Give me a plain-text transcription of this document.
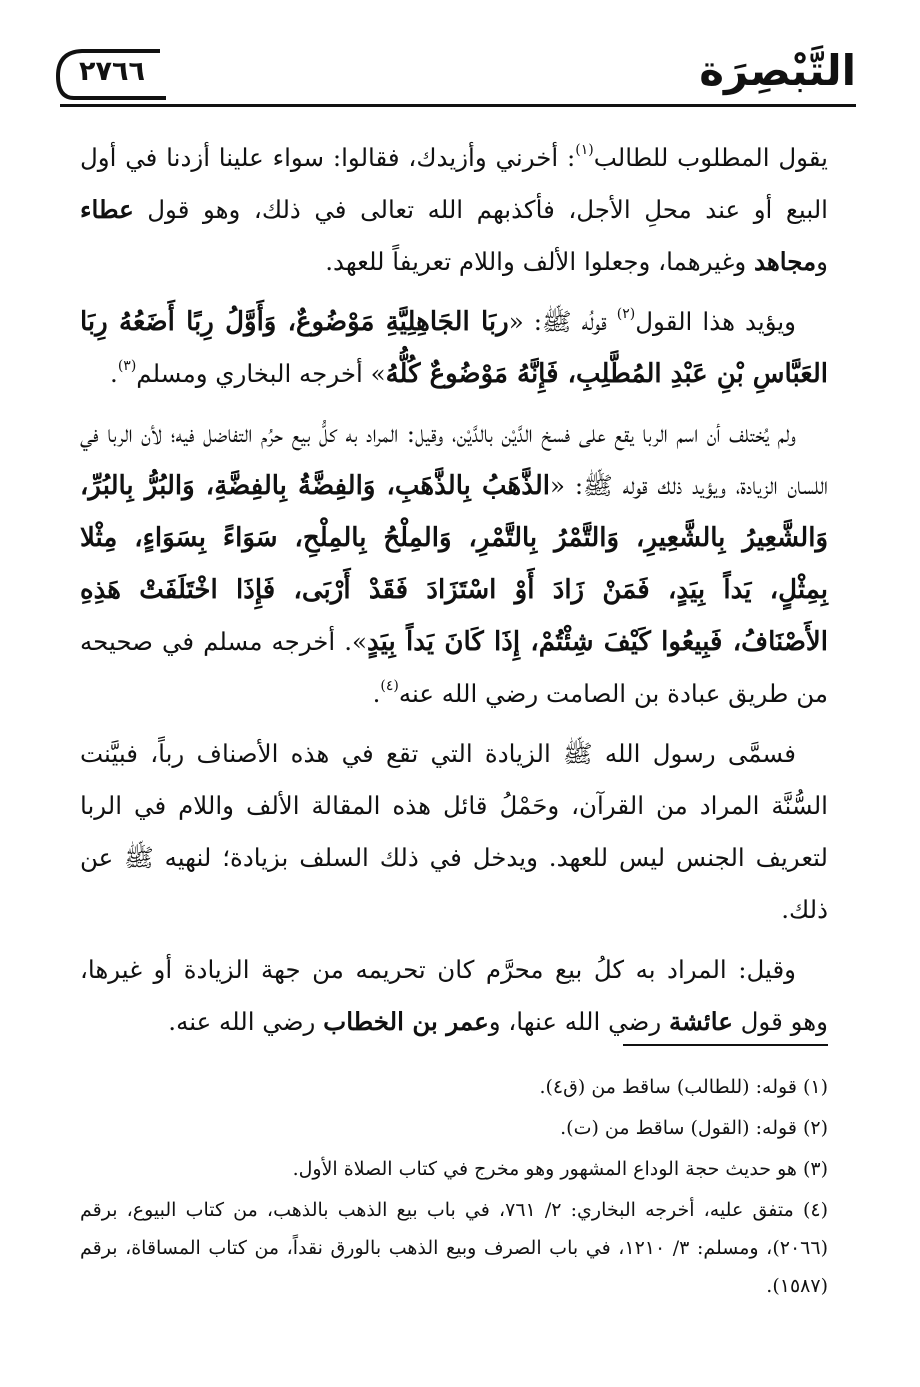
التَّبْصِرَة
٢٧٦٦

يقول المطلوب للطالب$^{(١)}$: أخرني وأزيدك، فقالوا: سواء علينا أزدنا في أول البيع أو عند محلِ الأجل، فأكذبهم الله تعالى في ذلك، وهو قول عطاء ومجاهد وغيرهما، وجعلوا الألف واللام تعريفاً للعهد.

ويؤيد هذا القول$^{(٢)}$ قولُه ﷺ: «ربَا الجَاهِلِيَّةِ مَوْضُوعٌ، وَأَوَّلُ رِبًا أَضَعُهُ رِبَا العَبَّاسِ بْنِ عَبْدِ المُطَّلِبِ، فَإِنَّهُ مَوْضُوعٌ كُلُّهُ» أخرجه البخاري ومسلم$^{(٣)}$.

ولم يُختلف أن اسم الربا يقع على فسخ الدَّيْن بالدَّيْن، وقيل: المراد به كلُّ بيع حرُم التفاضل فيه؛ لأن الربا في اللسان الزيادة، ويؤيد ذلك قوله ﷺ: «الذَّهَبُ بِالذَّهَبِ، وَالفِضَّةُ بِالفِضَّةِ، وَالبُرُّ بِالبُرِّ، وَالشَّعِيرُ بِالشَّعِيرِ، وَالتَّمْرُ بِالتَّمْرِ، وَالمِلْحُ بِالمِلْحِ، سَوَاءً بِسَوَاءٍ، مِثْلا بِمِثْلٍ، يَداً بِيَدٍ، فَمَنْ زَادَ أَوْ اسْتَزَادَ فَقَدْ أَرْبَى، فَإِذَا اخْتَلَفَتْ هَذِهِ الأَصْنَافُ، فَبِيعُوا كَيْفَ شِئْتُمْ، إِذَا كَانَ يَداً بِيَدٍ». أخرجه مسلم في صحيحه من طريق عبادة بن الصامت رضي الله عنه$^{(٤)}$.

فسمَّى رسول الله ﷺ الزيادة التي تقع في هذه الأصناف رباً، فبيَّنت السُّنَّة المراد من القرآن، وحَمْلُ قائل هذه المقالة الألف واللام في الربا لتعريف الجنس ليس للعهد. ويدخل في ذلك السلف بزيادة؛ لنهيه ﷺ عن ذلك.

وقيل: المراد به كلُ بيع محرَّم كان تحريمه من جهة الزيادة أو غيرها، وهو قول عائشة رضي الله عنها، وعمر بن الخطاب رضي الله عنه.

(١) قوله: (للطالب) ساقط من (ق٤).

(٢) قوله: (القول) ساقط من (ت).

(٣) هو حديث حجة الوداع المشهور وهو مخرج في كتاب الصلاة الأول.

(٤) متفق عليه، أخرجه البخاري: ٢/ ٧٦١، في باب بيع الذهب بالذهب، من كتاب البيوع، برقم (٢٠٦٦)، ومسلم: ٣/ ١٢١٠، في باب الصرف وبيع الذهب بالورق نقداً، من كتاب المساقاة، برقم (١٥٨٧).
